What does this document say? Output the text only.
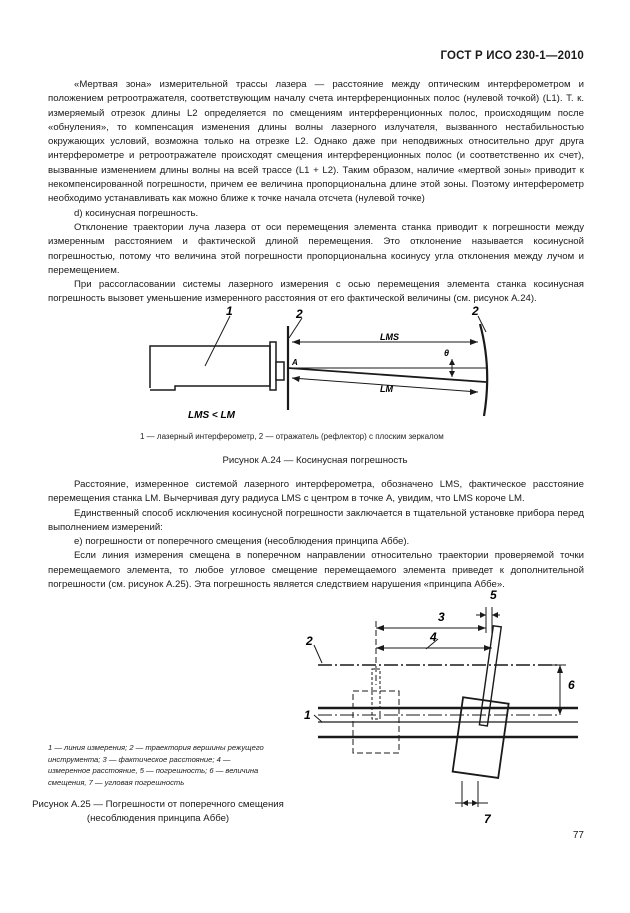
ГОСТ Р ИСО 230-1—2010

«Мертвая зона» измерительной трассы лазера — расстояние между оптическим интерферометром и положением ретроотражателя, соответствующим началу счета интерференционных полос (нулевой точкой) (L1). Т. к. измеряемый отрезок длины L2 определяется по смещениям интерференционных полос, происходящим после «обнуления», то компенсация изменения длины волны лазерного излучателя, вызванного нестабильностью окружающих условий, возможна только на отрезке L2. Однако даже при неподвижных относительно друг друга интерферометре и ретроотражателе происходят смещения интерференционных полос (и соответственно их счет), вызванные изменением длины волны на всей трассе (L1 + L2). Таким образом, наличие «мертвой зоны» приводит к некомпенсированной погрешности, причем ее величина пропорциональна длине этой зоны. Поэтому интерферометр необходимо устанавливать как можно ближе к точке начала отсчета (нулевой точке)

d) косинусная погрешность.

Отклонение траектории луча лазера от оси перемещения элемента станка приводит к погрешности между измеренным расстоянием и фактической длиной перемещения. Это отклонение называется косинусной погрешностью, потому что величина этой погрешности пропорциональна косинусу угла отклонения между лучом и перемещением.

При рассогласовании системы лазерного измерения с осью перемещения элемента станка косинусная погрешность вызовет уменьшение измеренного расстояния от его фактической величины (см. рисунок А.24).

1	2	2
A
LMS
LM
θ
LMS < LM
1 — лазерный интерферометр, 2 — отражатель (рефлектор) с плоским зеркалом
Рисунок А.24 — Косинусная погрешность

Расстояние, измеренное системой лазерного интерферометра, обозначено LMS, фактическое расстояние перемещения станка LM. Вычерчивая дугу радиуса LMS с центром в точке A, увидим, что LMS короче LM.

Единственный способ исключения косинусной погрешности заключается в тщательной установке прибора перед выполнением измерений:

e) погрешности от поперечного смещения (несоблюдения принципа Аббе).

Если линия измерения смещена в поперечном направлении относительно траектории проверяемой точки перемещаемого элемента, то любое угловое смещение перемещаемого элемента приведет к дополнительной погрешности (см. рисунок А.25). Эта погрешность является следствием нарушения «принципа Аббе».

1
2
3
4
5
6
7
1 — линия измерения; 2 — траектория вершины режущего инструмента; 3 — фактическое расстояние; 4 — измеренное расстояние, 5 — погрешность; 6 — величина смещения, 7 — угловая погрешность
Рисунок А.25 — Погрешности от поперечного смещения (несоблюдения принципа Аббе)
77
